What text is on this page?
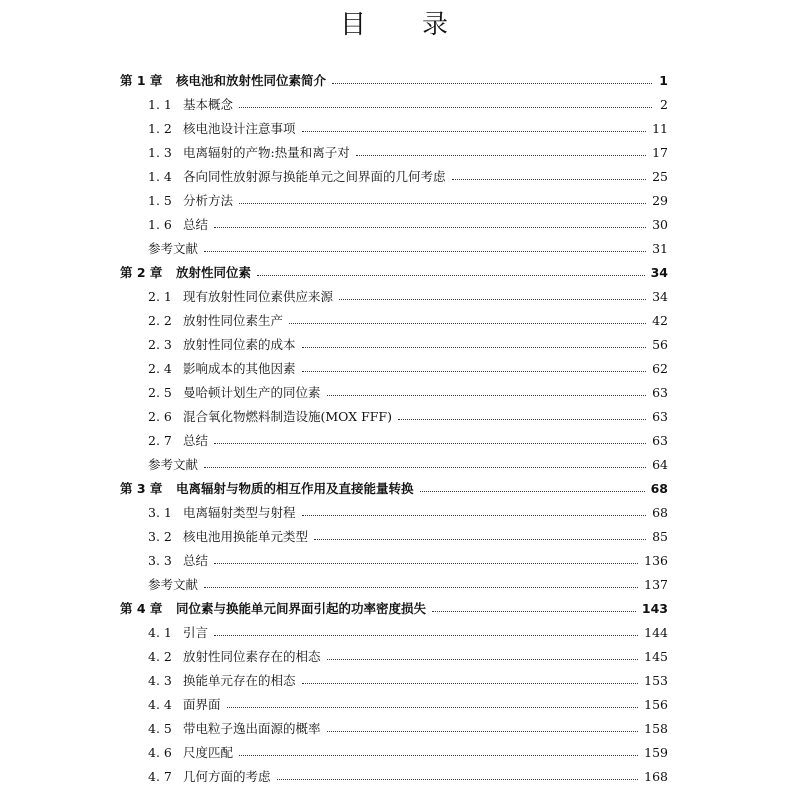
目 录
第 1 章	核电池和放射性同位素简介	1
1. 1 基本概念	2
1. 2 核电池设计注意事项	11
1. 3 电离辐射的产物:热量和离子对	17
1. 4 各向同性放射源与换能单元之间界面的几何考虑	25
1. 5 分析方法	29
1. 6 总结	30
参考文献	31
第 2 章	放射性同位素	34
2. 1 现有放射性同位素供应来源	34
2. 2 放射性同位素生产	42
2. 3 放射性同位素的成本	56
2. 4 影响成本的其他因素	62
2. 5 曼哈顿计划生产的同位素	63
2. 6 混合氧化物燃料制造设施(MOX FFF)	63
2. 7 总结	63
参考文献	64
第 3 章	电离辐射与物质的相互作用及直接能量转换	68
3. 1 电离辐射类型与射程	68
3. 2 核电池用换能单元类型	85
3. 3 总结	136
参考文献	137
第 4 章	同位素与换能单元间界面引起的功率密度损失	143
4. 1 引言	144
4. 2 放射性同位素存在的相态	145
4. 3 换能单元存在的相态	153
4. 4 面界面	156
4. 5 带电粒子逸出面源的概率	158
4. 6 尺度匹配	159
4. 7 几何方面的考虑	168
